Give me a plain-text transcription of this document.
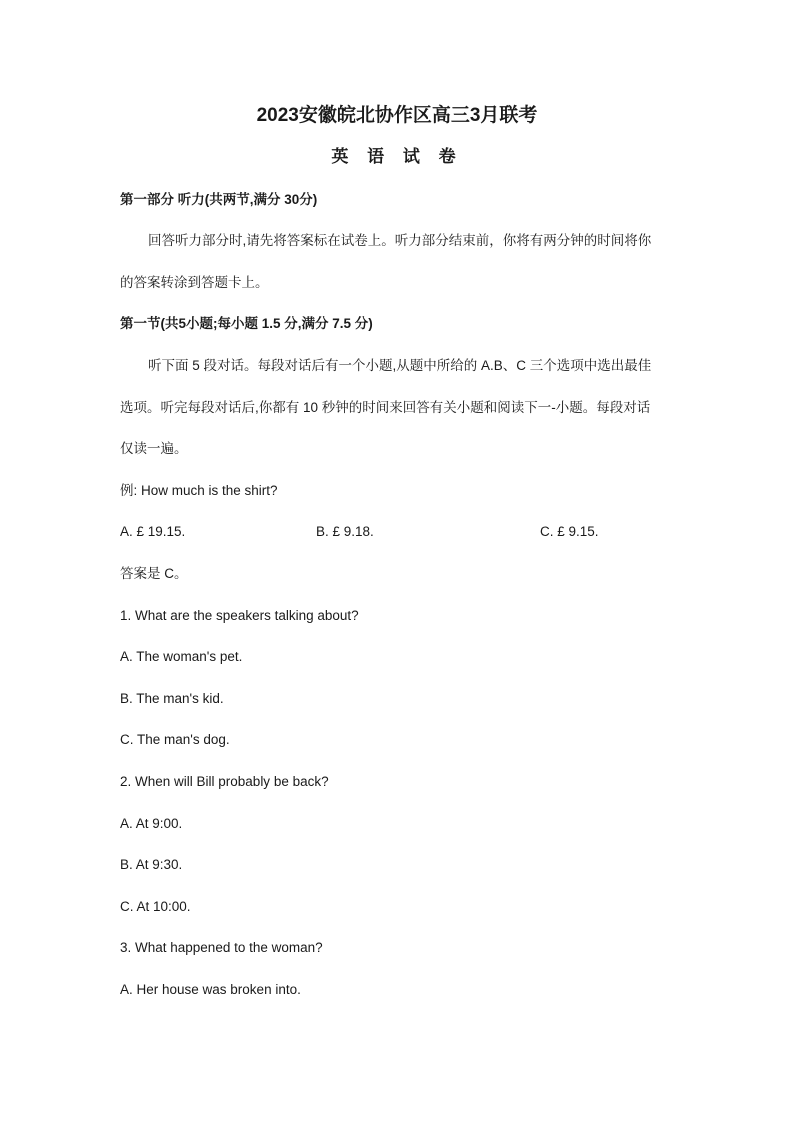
2023安徽皖北协作区高三3月联考
英 语 试 卷
第一部分 听力(共两节,满分 30分)
回答听力部分时,请先将答案标在试卷上。听力部分结束前，你将有两分钟的时间将你
的答案转涂到答题卡上。
第一节(共5小题;每小题 1.5 分,满分 7.5 分)
听下面 5 段对话。每段对话后有一个小题,从题中所给的 A.B、C 三个选项中选出最佳
选项。听完每段对话后,你都有 10 秒钟的时间来回答有关小题和阅读下一-小题。每段对话
仅读一遍。
例: How much is the shirt?
A. £ 19.15.	B. £ 9.18.	C. £ 9.15.
答案是 C。
1. What are the speakers talking about?
A. The woman's pet.
B. The man's kid.
C. The man's dog.
2. When will Bill probably be back?
A. At 9:00.
B. At 9:30.
C. At 10:00.
3. What happened to the woman?
A. Her house was broken into.
